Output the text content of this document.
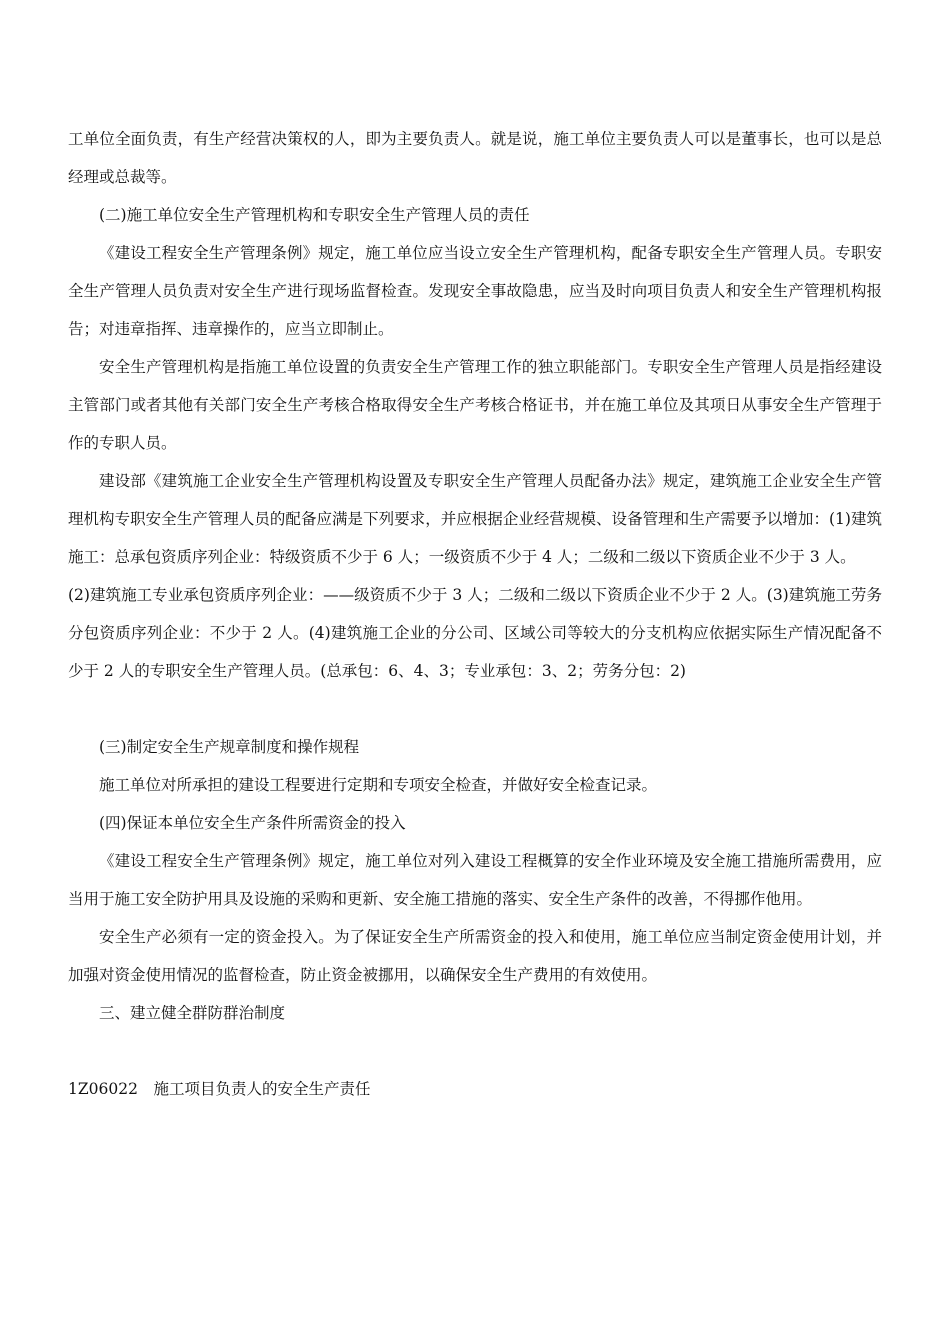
工单位全面负责，有生产经营决策权的人，即为主要负责人。就是说，施工单位主要负责人可以是董事长，也可以是总经理或总裁等。

(二)施工单位安全生产管理机构和专职安全生产管理人员的责任

《建设工程安全生产管理条例》规定，施工单位应当设立安全生产管理机构，配备专职安全生产管理人员。专职安全生产管理人员负责对安全生产进行现场监督检查。发现安全事故隐患，应当及时向项目负责人和安全生产管理机构报告；对违章指挥、违章操作的，应当立即制止。

安全生产管理机构是指施工单位设置的负责安全生产管理工作的独立职能部门。专职安全生产管理人员是指经建设主管部门或者其他有关部门安全生产考核合格取得安全生产考核合格证书，并在施工单位及其项日从事安全生产管理于作的专职人员。

建设部《建筑施工企业安全生产管理机构设置及专职安全生产管理人员配备办法》规定，建筑施工企业安全生产管理机构专职安全生产管理人员的配备应满是下列要求，并应根据企业经营规模、设备管理和生产需要予以增加：(1)建筑施工：总承包资质序列企业：特级资质不少于 6 人；一级资质不少于 4 人；二级和二级以下资质企业不少于 3 人。

(2)建筑施工专业承包资质序列企业：——级资质不少于 3 人；二级和二级以下资质企业不少于 2 人。(3)建筑施工劳务分包资质序列企业：不少于 2 人。(4)建筑施工企业的分公司、区域公司等较大的分支机构应依据实际生产情况配备不少于 2 人的专职安全生产管理人员。(总承包：6、4、3；专业承包：3、2；劳务分包：2)

(三)制定安全生产规章制度和操作规程

施工单位对所承担的建设工程要进行定期和专项安全检查，并做好安全检查记录。

(四)保证本单位安全生产条件所需资金的投入

《建设工程安全生产管理条例》规定，施工单位对列入建设工程概算的安全作业环境及安全施工措施所需费用，应当用于施工安全防护用具及设施的采购和更新、安全施工措施的落实、安全生产条件的改善，不得挪作他用。

安全生产必须有一定的资金投入。为了保证安全生产所需资金的投入和使用，施工单位应当制定资金使用计划，并加强对资金使用情况的监督检查，防止资金被挪用，以确保安全生产费用的有效使用。

三、建立健全群防群治制度

1Z06022　施工项目负责人的安全生产责任
